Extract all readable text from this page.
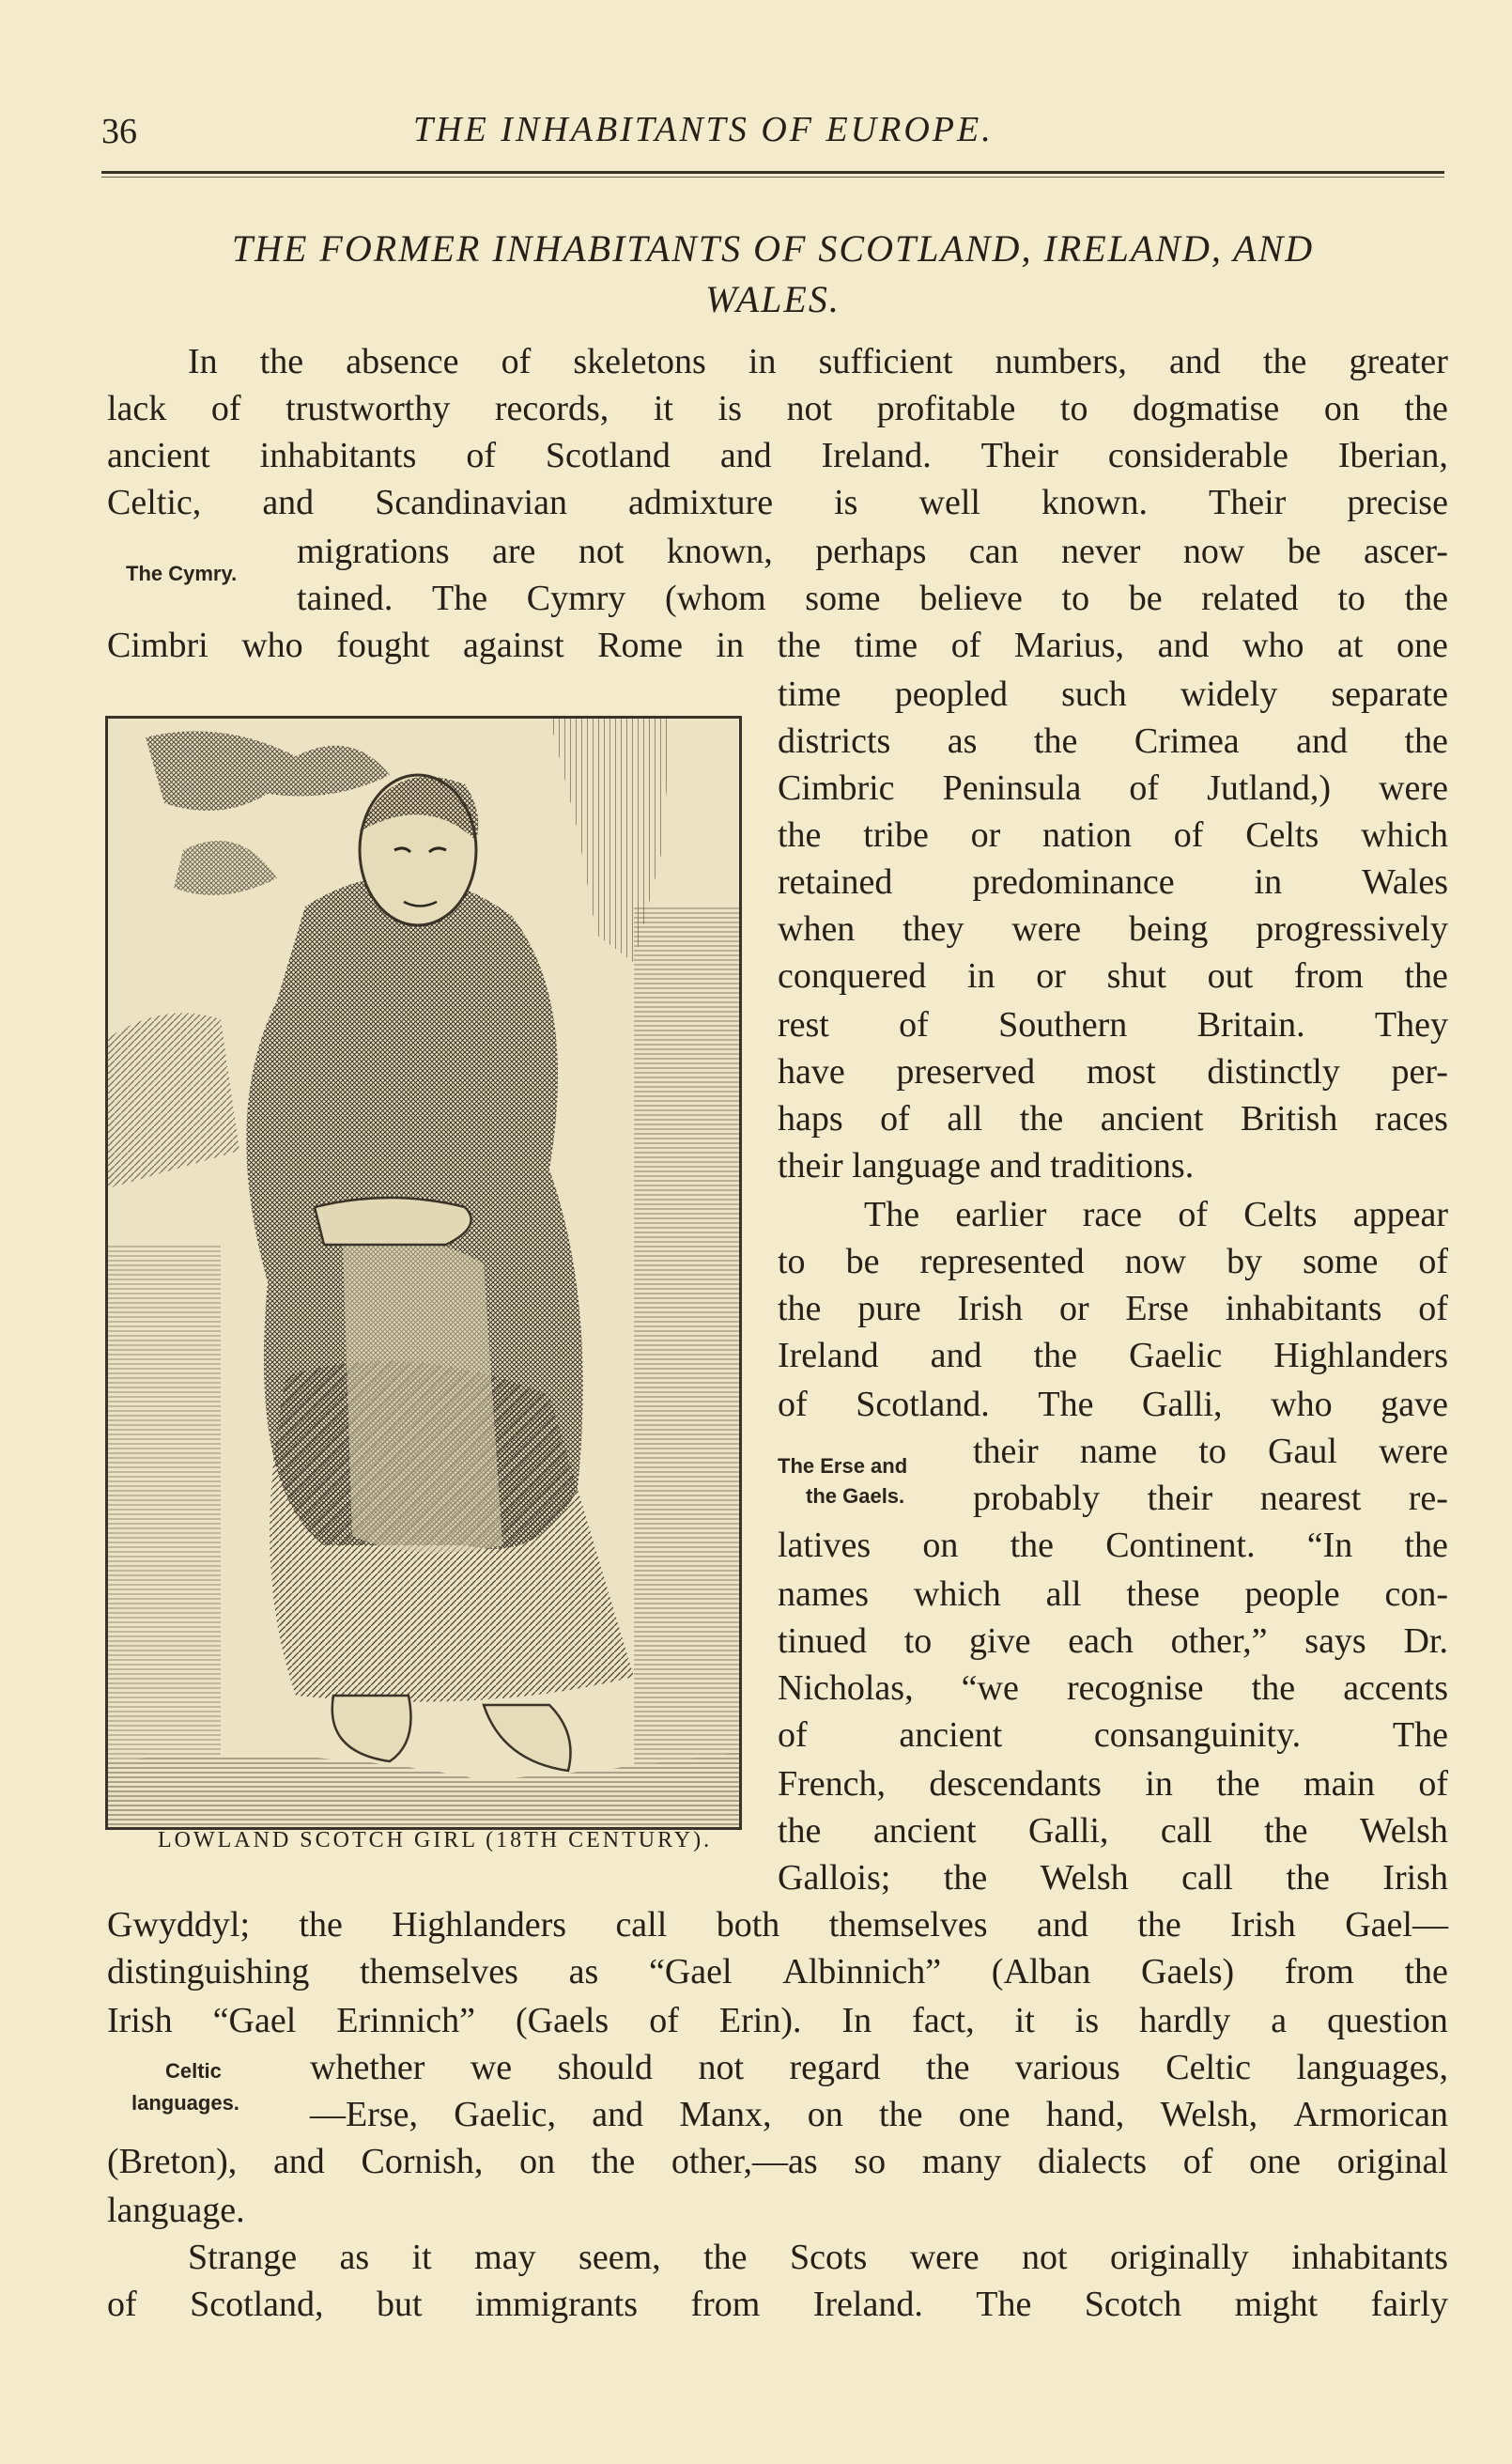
36	THE INHABITANTS OF EUROPE.
THE FORMER INHABITANTS OF SCOTLAND, IRELAND, AND
WALES.
The Cymry.
The Erse and
the Gaels.
Celtic
languages.
In the absence of skeletons in sufficient numbers, and the greater
lack of trustworthy records, it is not profitable to dogmatise on the
ancient inhabitants of Scotland and Ireland. Their considerable Iberian,
Celtic, and Scandinavian admixture is well known. Their precise
migrations are not known, perhaps can never now be ascer-
tained. The Cymry (whom some believe to be related to the
Cimbri who fought against Rome in the time of Marius, and who at one
time peopled such widely separate
districts as the Crimea and the
Cimbric Peninsula of Jutland,) were
the tribe or nation of Celts which
retained predominance in Wales
when they were being progressively
conquered in or shut out from the
rest of Southern Britain. They
have preserved most distinctly per-
haps of all the ancient British races
their language and traditions.
The earlier race of Celts appear
to be represented now by some of
the pure Irish or Erse inhabitants of
Ireland and the Gaelic Highlanders
of Scotland. The Galli, who gave
their name to Gaul were
probably their nearest re-
latives on the Continent. “In the
names which all these people con-
tinued to give each other,” says Dr.
Nicholas, “we recognise the accents
of	ancient	consanguinity.	The
French, descendants in the main of
the ancient Galli, call the Welsh
Gallois; the Welsh call the Irish
Gwyddyl; the Highlanders call both themselves and the Irish Gael—
distinguishing themselves as “Gael Albinnich” (Alban Gaels) from the
Irish “Gael Erinnich” (Gaels of Erin). In fact, it is hardly a question
whether we should not regard the various Celtic languages,
—Erse, Gaelic, and Manx, on the one hand, Welsh, Armorican
(Breton), and Cornish, on the other,—as so many dialects of one original
language.
Strange as it may seem, the Scots were not originally inhabitants
of Scotland, but immigrants from Ireland. The Scotch might fairly
LOWLAND SCOTCH GIRL (18TH CENTURY).
